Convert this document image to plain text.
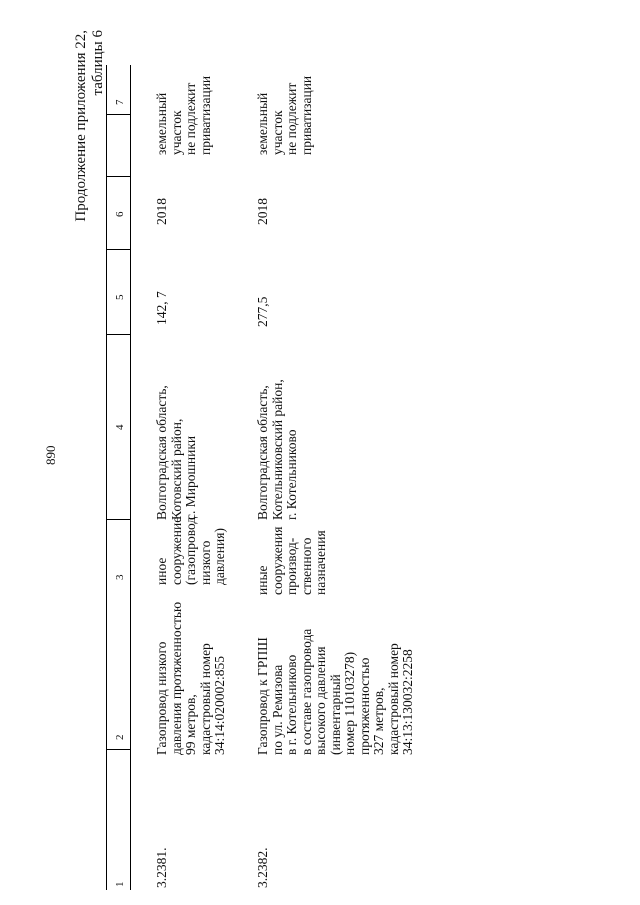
890
Продолжение приложения 22,
таблицы 6
1
2
3
4
5
6
7
3.2381.
Газопровод низкого
давления протяженностью
99 метров,
кадастровый номер
34:14:020002:855
иное
сооружение
(газопровод
низкого
давления)
Волгоградская область,
Котовский район,
с. Мирошники
142, 7
2018
земельный
участок
не подлежит
приватизации
3.2382.
Газопровод к ГРПШ
по ул. Ремизова
в г. Котельниково
в составе газопровода
высокого давления
(инвентарный
номер 110103278)
протяженностью
327 метров,
кадастровый номер
34:13:130032:2258
иные
сооружения
производ-
ственного
назначения
Волгоградская область,
Котельниковский район,
г. Котельниково
277,5
2018
земельный
участок
не подлежит
приватизации
